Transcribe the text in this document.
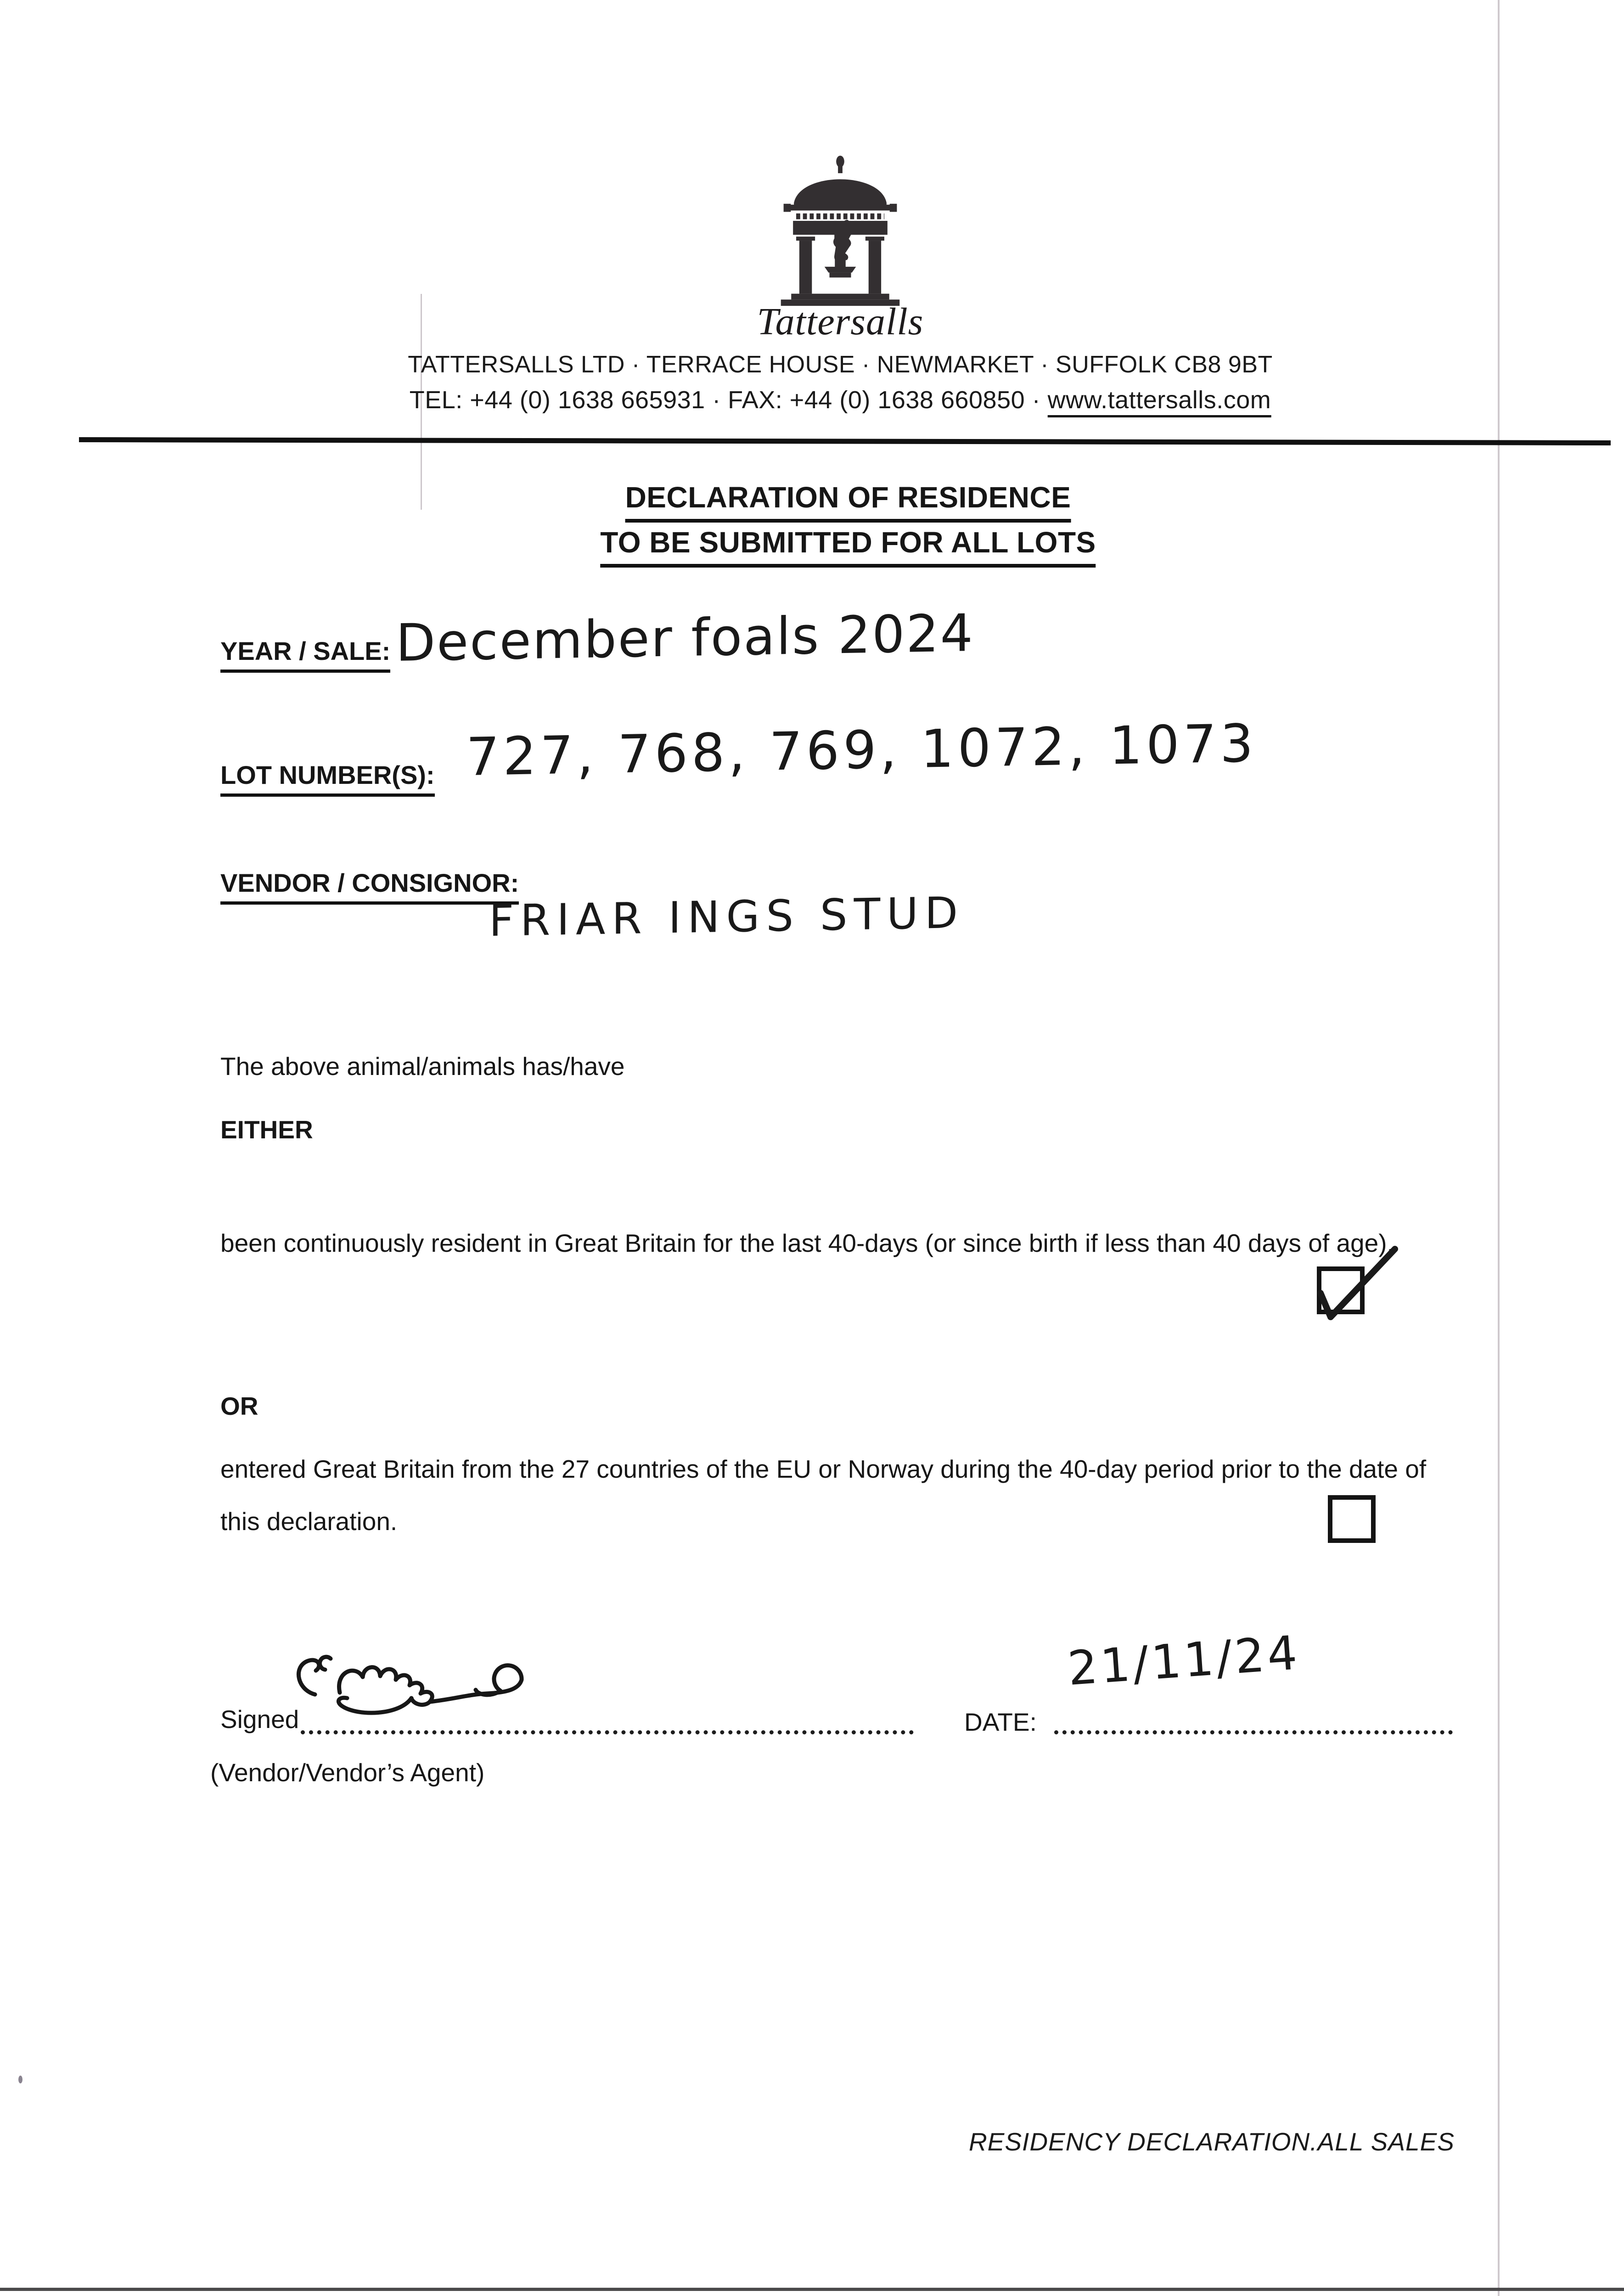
Tattersalls
TATTERSALLS LTD · TERRACE HOUSE · NEWMARKET · SUFFOLK CB8 9BT
TEL: +44 (0) 1638 665931 · FAX: +44 (0) 1638 660850 · www.tattersalls.com
DECLARATION OF RESIDENCE
TO BE SUBMITTED FOR ALL LOTS
YEAR / SALE: December foals 2024
LOT NUMBER(S): 727, 768, 769, 1072, 1073
VENDOR / CONSIGNOR:
FRIAR INGS STUD
The above animal/animals has/have
EITHER
been continuously resident in Great Britain for the last 40-days (or since birth if less than 40 days of age).
OR
entered Great Britain from the 27 countries of the EU or Norway during the 40-day period prior to the date of this declaration.
Signed	DATE:
21/11/24
(Vendor/Vendor’s Agent)
RESIDENCY DECLARATION.ALL SALES
